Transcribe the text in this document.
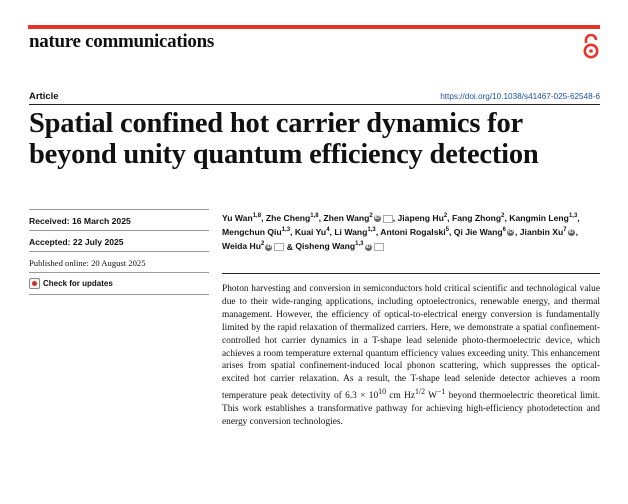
nature communications
Article	https://doi.org/10.1038/s41467-025-62548-6
Spatial confined hot carrier dynamics for beyond unity quantum efficiency detection
Received: 16 March 2025
Accepted: 22 July 2025
Published online: 20 August 2025
Check for updates

Yu Wan$^{1,8}$, Zhe Cheng$^{1,8}$, Zhen Wang$^2$ iD , Jiapeng Hu$^2$, Fang Zhong$^2$, Kangmin Leng$^{1,3}$, Mengchun Qiu$^{1,3}$, Kuai Yu$^4$, Li Wang$^{1,3}$, Antoni Rogalski$^5$, Qi Jie Wang$^6$ iD , Jianbin Xu$^7$ iD , Weida Hu$^2$ iD & Qisheng Wang$^{1,3}$ iD

Photon harvesting and conversion in semiconductors hold critical scientific and technological value due to their wide-ranging applications, including optoelectronics, renewable energy, and thermal management. However, the efficiency of optical-to-electrical energy conversion is fundamentally limited by the rapid relaxation of thermalized carriers. Here, we demonstrate a spatial confinement-controlled hot carrier dynamics in a T-shape lead selenide photo-thermoelectric device, which achieves a room temperature external quantum efficiency values exceeding unity. This enhancement arises from spatial confinement-induced local phonon scattering, which suppresses the optical-excited hot carrier relaxation. As a result, the T-shape lead selenide detector achieves a room temperature peak detectivity of $6.3 \times 10^{10}$ cm $Hz^{1/2}$ $W^{-1}$ beyond thermoelectric theoretical limit. This work establishes a transformative pathway for achieving high-efficiency photodetection and energy conversion technologies.
